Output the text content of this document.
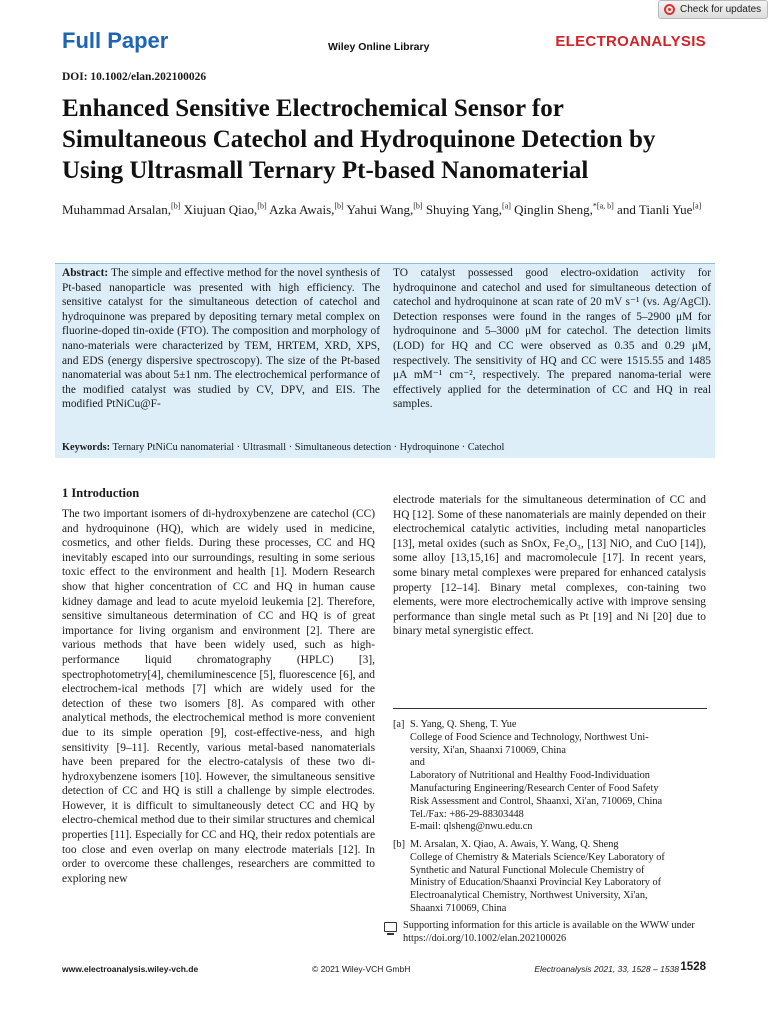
Check for updates
Full Paper	Wiley Online Library	ELECTROANALYSIS
DOI: 10.1002/elan.202100026
Enhanced Sensitive Electrochemical Sensor for Simultaneous Catechol and Hydroquinone Detection by Using Ultrasmall Ternary Pt-based Nanomaterial
Muhammad Arsalan,[b] Xiujuan Qiao,[b] Azka Awais,[b] Yahui Wang,[b] Shuying Yang,[a] Qinglin Sheng,$^{*[a, b]}$ and Tianli Yue[a]
Abstract: The simple and effective method for the novel synthesis of Pt-based nanoparticle was presented with high efficiency. The sensitive catalyst for the simultaneous detection of catechol and hydroquinone was prepared by depositing ternary metal complex on fluorine-doped tin-oxide (FTO). The composition and morphology of nano-materials were characterized by TEM, HRTEM, XRD, XPS, and EDS (energy dispersive spectroscopy). The size of the Pt-based nanomaterial was about 5±1 nm. The electrochemical performance of the modified catalyst was studied by CV, DPV, and EIS. The modified PtNiCu@F-
TO catalyst possessed good electro-oxidation activity for hydroquinone and catechol and used for simultaneous detection of catechol and hydroquinone at scan rate of 20 mV s⁻¹ (vs. Ag/AgCl). Detection responses were found in the ranges of 5–2900 μM for hydroquinone and 5–3000 μM for catechol. The detection limits (LOD) for HQ and CC were observed as 0.35 and 0.29 μM, respectively. The sensitivity of HQ and CC were 1515.55 and 1485 μA mM⁻¹ cm⁻², respectively. The prepared nanoma-terial were effectively applied for the determination of CC and HQ in real samples.
Keywords: Ternary PtNiCu nanomaterial · Ultrasmall · Simultaneous detection · Hydroquinone · Catechol
1 Introduction
The two important isomers of di-hydroxybenzene are catechol (CC) and hydroquinone (HQ), which are widely used in medicine, cosmetics, and other fields. During these processes, CC and HQ inevitably escaped into our surroundings, resulting in some serious toxic effect to the environment and health [1]. Modern Research show that higher concentration of CC and HQ in human cause kidney damage and lead to acute myeloid leukemia [2]. Therefore, sensitive simultaneous determination of CC and HQ is of great importance for living organism and environment [2]. There are various methods that have been widely used, such as high-performance liquid chromatography (HPLC) [3], spectrophotometry[4], chemiluminescence [5], fluorescence [6], and electrochem-ical methods [7] which are widely used for the detection of these two isomers [8]. As compared with other analytical methods, the electrochemical method is more convenient due to its simple operation [9], cost-effective-ness, and high sensitivity [9–11]. Recently, various metal-based nanomaterials have been prepared for the electro-catalysis of these two di-hydroxybenzene isomers [10]. However, the simultaneous sensitive detection of CC and HQ is still a challenge by simple electrodes. However, it is difficult to simultaneously detect CC and HQ by electro-chemical method due to their similar structures and chemical properties [11]. Especially for CC and HQ, their redox potentials are too close and even overlap on many electrode materials [12]. In order to overcome these challenges, researchers are committed to exploring new
electrode materials for the simultaneous determination of CC and HQ [12]. Some of these nanomaterials are mainly depended on their electrochemical catalytic activities, including metal nanoparticles [13], metal oxides (such as SnOx, Fe₂O₃, [13] NiO, and CuO [14]), some alloy [13,15,16] and macromolecule [17]. In recent years, some binary metal complexes were prepared for enhanced catalysis property [12–14]. Binary metal complexes, con-taining two elements, were more electrochemically active with improve sensing performance than single metal such as Pt [19] and Ni [20] due to binary metal synergistic effect.
[a] S. Yang, Q. Sheng, T. Yue
College of Food Science and Technology, Northwest Uni-
versity, Xi'an, Shaanxi 710069, China
and
Laboratory of Nutritional and Healthy Food-Individuation
Manufacturing Engineering/Research Center of Food Safety
Risk Assessment and Control, Shaanxi, Xi'an, 710069, China
Tel./Fax: +86-29-88303448
E-mail: qlsheng@nwu.edu.cn
[b] M. Arsalan, X. Qiao, A. Awais, Y. Wang, Q. Sheng
College of Chemistry & Materials Science/Key Laboratory of
Synthetic and Natural Functional Molecule Chemistry of
Ministry of Education/Shaanxi Provincial Key Laboratory of
Electroanalytical Chemistry, Northwest University, Xi'an,
Shaanxi 710069, China
Supporting information for this article is available on the WWW under https://doi.org/10.1002/elan.202100026
www.electroanalysis.wiley-vch.de	© 2021 Wiley-VCH GmbH	Electroanalysis 2021, 33, 1528 – 1538 1528
